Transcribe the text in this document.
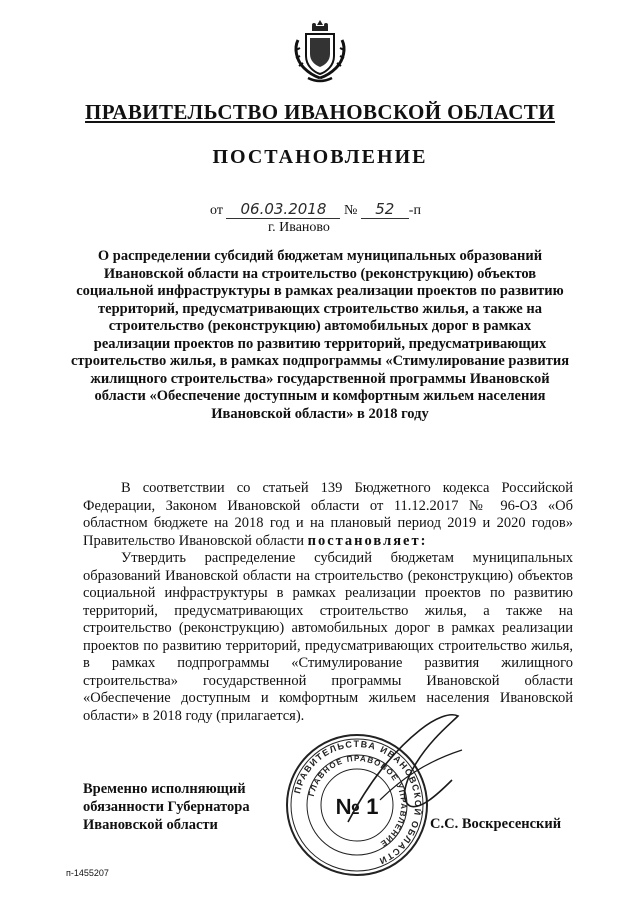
ПРАВИТЕЛЬСТВО ИВАНОВСКОЙ ОБЛАСТИ
ПОСТАНОВЛЕНИЕ
от 06.03.2018 № 52 -п
г. Иваново
О распределении субсидий бюджетам муниципальных образований Ивановской области на строительство (реконструкцию) объектов социальной инфраструктуры в рамках реализации проектов по развитию территорий, предусматривающих строительство жилья, а также на строительство (реконструкцию) автомобильных дорог в рамках реализации проектов по развитию территорий, предусматривающих строительство жилья, в рамках подпрограммы «Стимулирование развития жилищного строительства» государственной программы Ивановской области «Обеспечение доступным и комфортным жильем населения Ивановской области» в 2018 году

В соответствии со статьей 139 Бюджетного кодекса Российской Федерации, Законом Ивановской области от 11.12.2017 № 96-ОЗ «Об областном бюджете на 2018 год и на плановый период 2019 и 2020 годов» Правительство Ивановской области постановляет:

Утвердить распределение субсидий бюджетам муниципальных образований Ивановской области на строительство (реконструкцию) объектов социальной инфраструктуры в рамках реализации проектов по развитию территорий, предусматривающих строительство жилья, а также на строительство (реконструкцию) автомобильных дорог в рамках реализации проектов по развитию территорий, предусматривающих строительство жилья, в рамках подпрограммы «Стимулирование развития жилищного строительства» государственной программы Ивановской области «Обеспечение доступным и комфортным жильем населения Ивановской области» в 2018 году (прилагается).

ПРАВИТЕЛЬСТВА ИВАНОВСКОЙ ОБЛАСТИ
ГЛАВНОЕ ПРАВОВОЕ УПРАВЛЕНИЕ
№ 1
Временно исполняющий
обязанности Губернатора
Ивановской области	С.С. Воскресенский
п-1455207
